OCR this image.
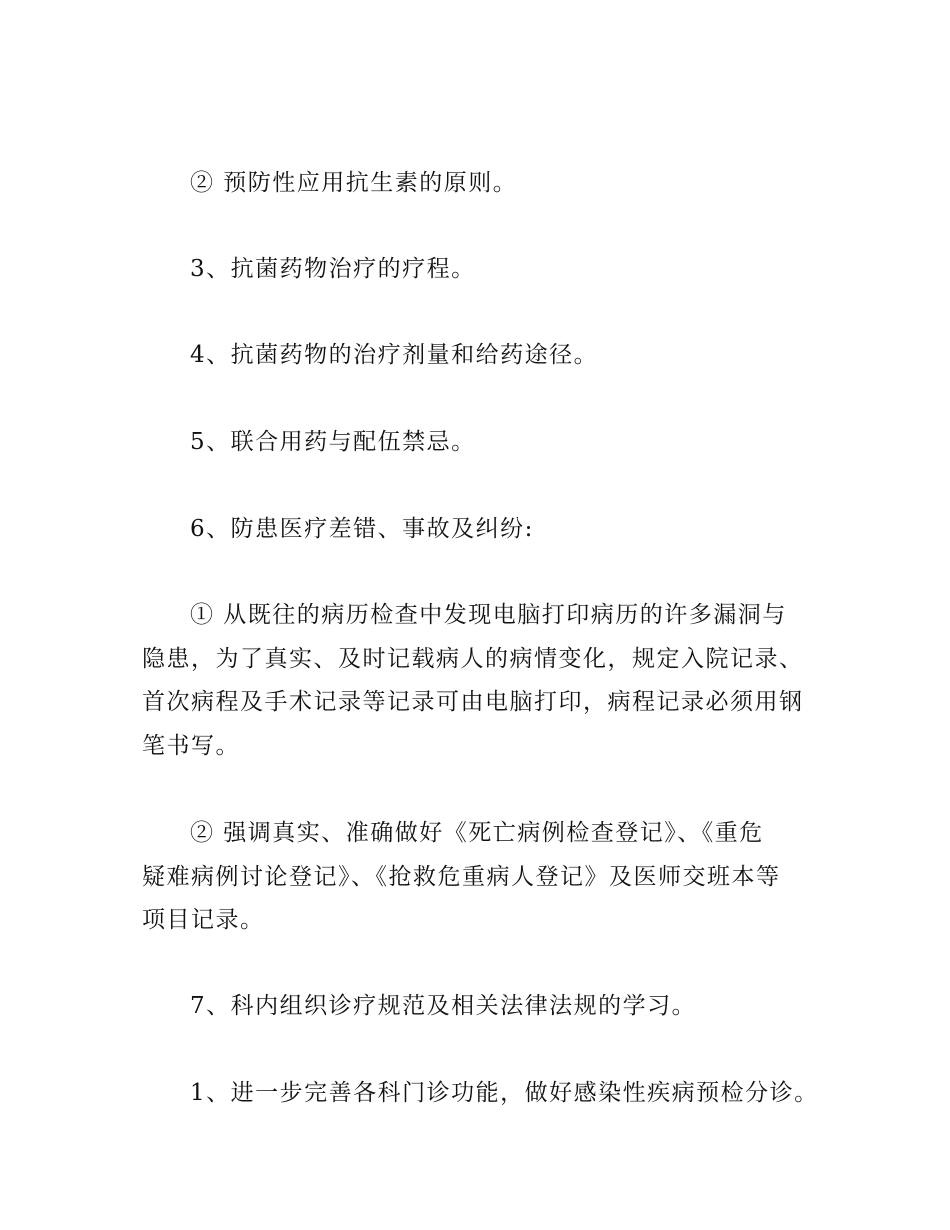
② 预防性应用抗生素的原则。

3、抗菌药物治疗的疗程。

4、抗菌药物的治疗剂量和给药途径。

5、联合用药与配伍禁忌。

6、防患医疗差错、事故及纠纷:

① 从既往的病历检查中发现电脑打印病历的许多漏洞与
隐患，为了真实、及时记载病人的病情变化，规定入院记录、
首次病程及手术记录等记录可由电脑打印，病程记录必须用钢
笔书写。

② 强调真实、准确做好《死亡病例检查登记》、《重危
疑难病例讨论登记》、《抢救危重病人登记》及医师交班本等
项目记录。

7、科内组织诊疗规范及相关法律法规的学习。

1、进一步完善各科门诊功能，做好感染性疾病预检分诊。
